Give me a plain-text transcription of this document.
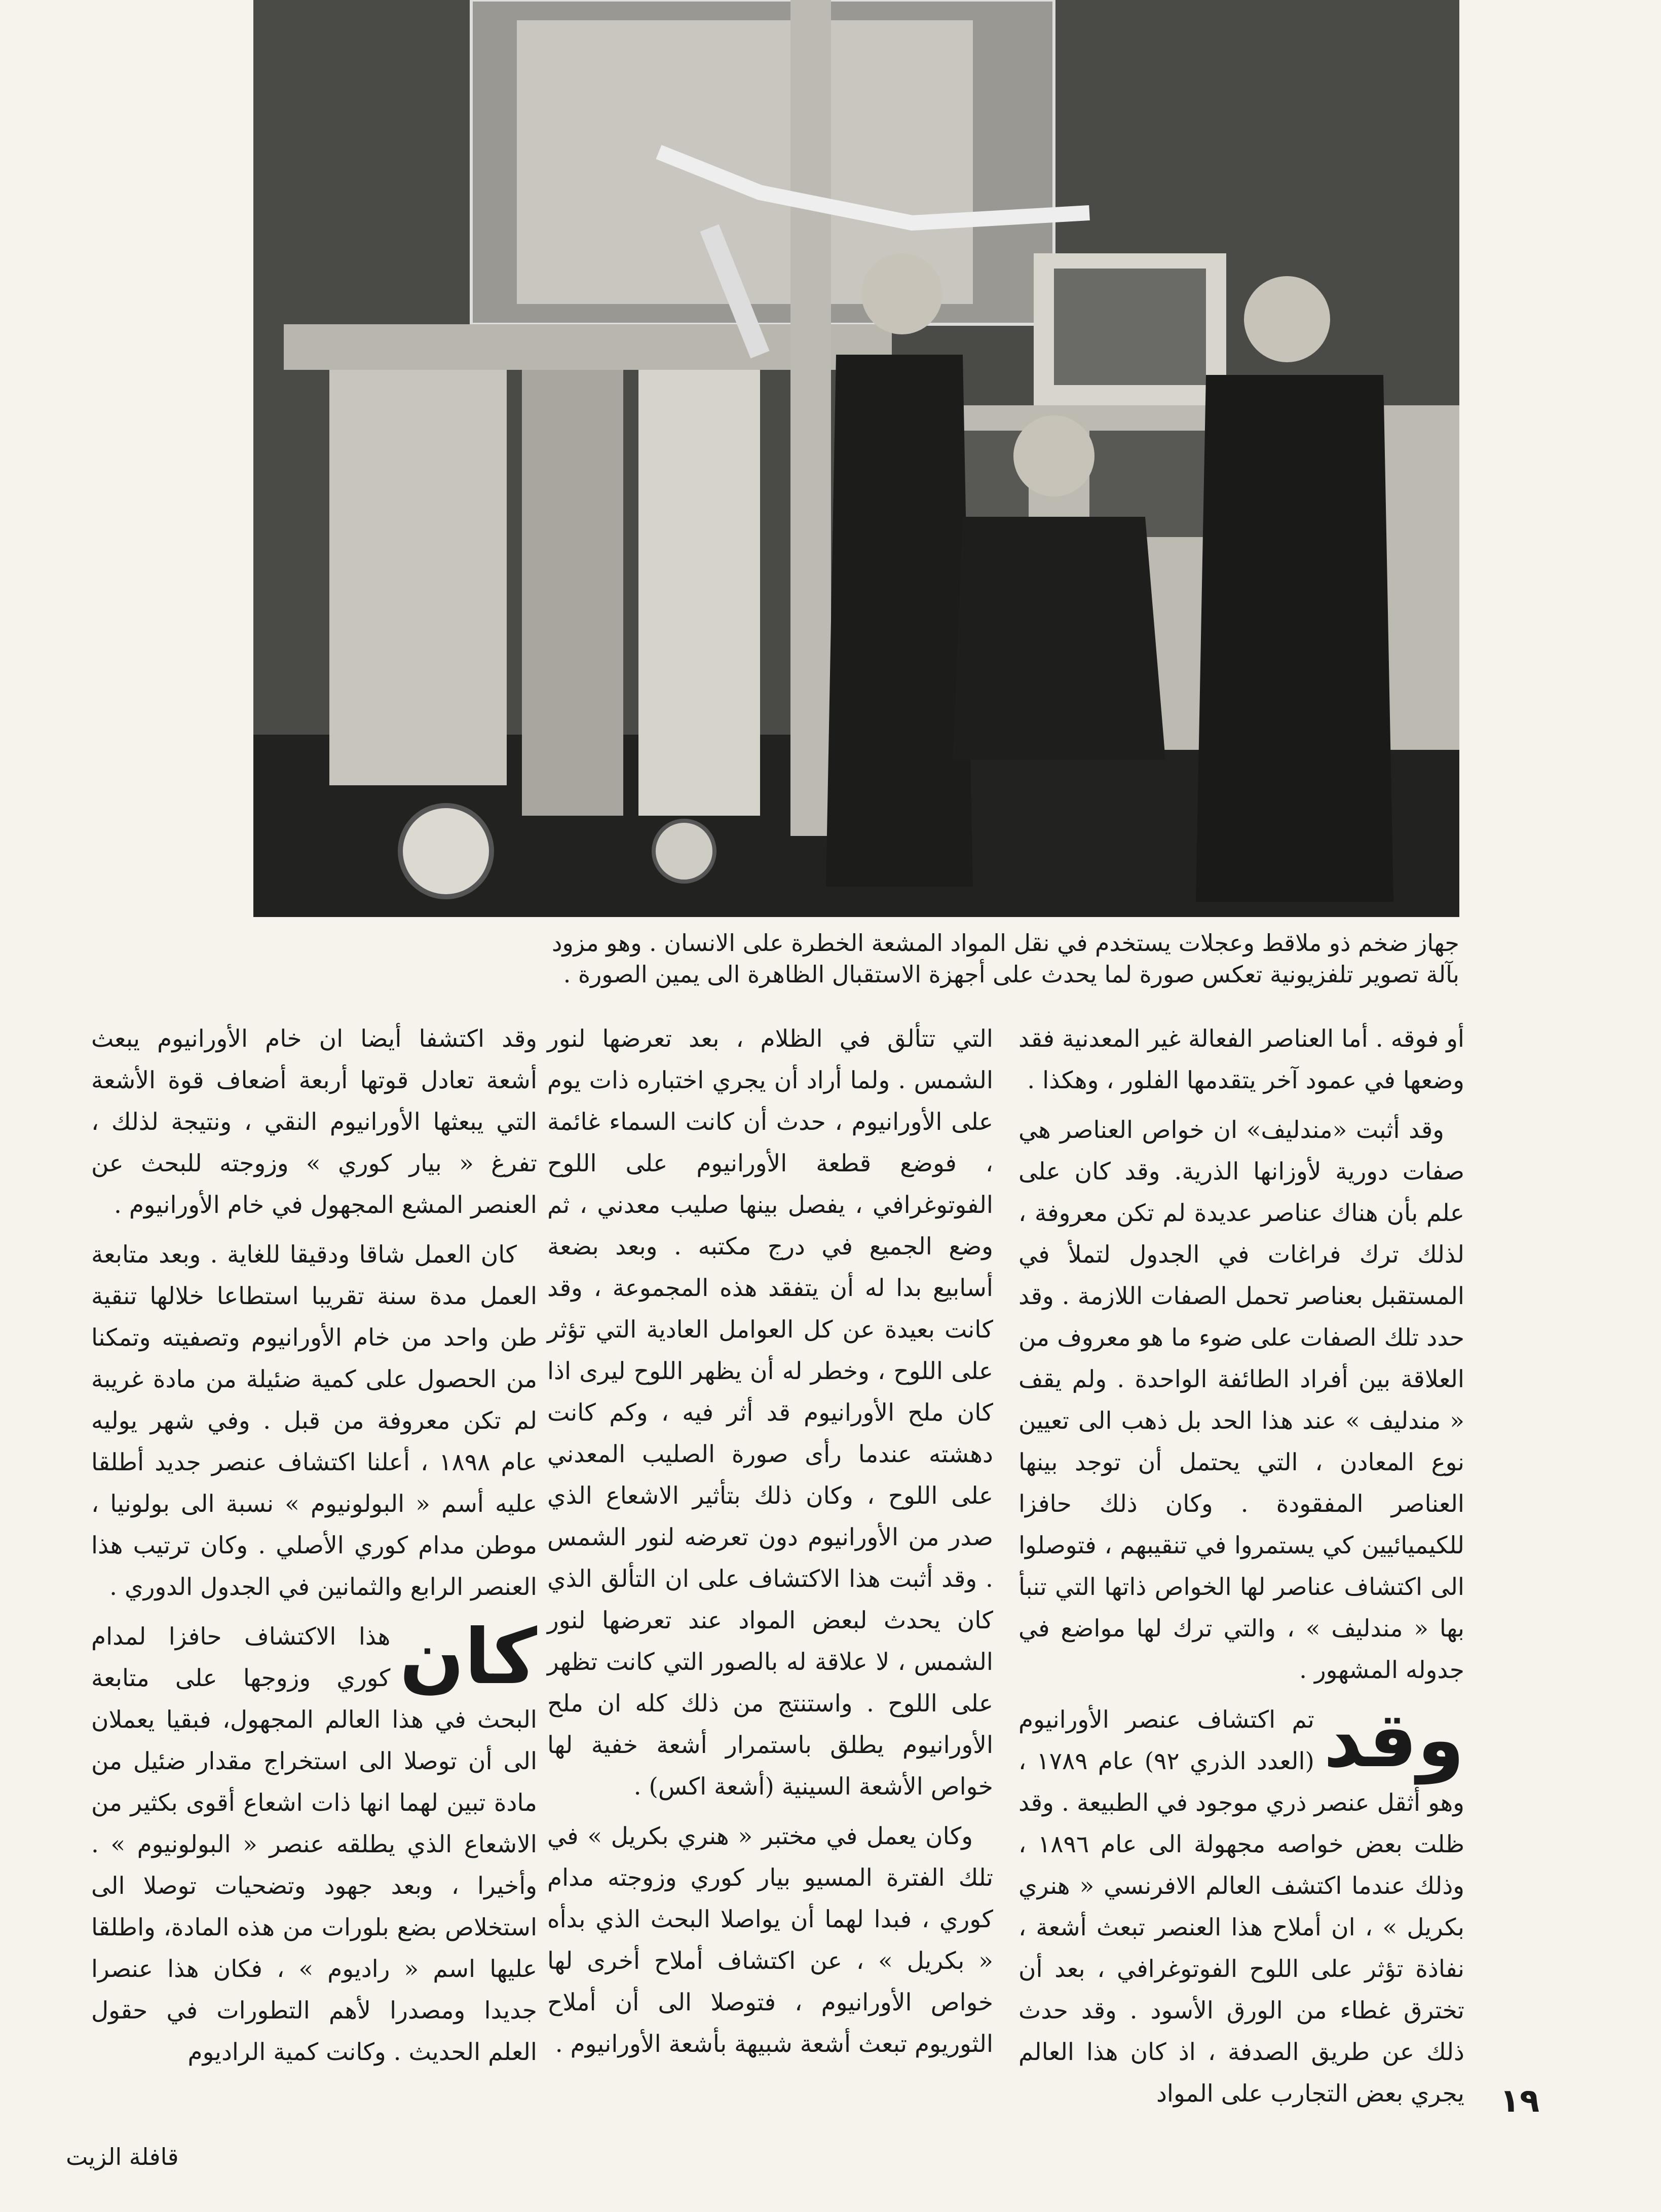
جهاز ضخم ذو ملاقط وعجلات يستخدم في نقل المواد المشعة الخطرة على الانسان . وهو مزود

بآلة تصوير تلفزيونية تعكس صورة لما يحدث على أجهزة الاستقبال الظاهرة الى يمين الصورة .

أو فوقه . أما العناصر الفعالة غير المعدنية فقد وضعها في عمود آخر يتقدمها الفلور ، وهكذا .

وقد أثبت «مندليف» ان خواص العناصر هي صفات دورية لأوزانها الذرية. وقد كان على علم بأن هناك عناصر عديدة لم تكن معروفة ، لذلك ترك فراغات في الجدول لتملأ في المستقبل بعناصر تحمل الصفات اللازمة . وقد حدد تلك الصفات على ضوء ما هو معروف من العلاقة بين أفراد الطائفة الواحدة . ولم يقف « مندليف » عند هذا الحد بل ذهب الى تعيين نوع المعادن ، التي يحتمل أن توجد بينها العناصر المفقودة . وكان ذلك حافزا للكيميائيين كي يستمروا في تنقيبهم ، فتوصلوا الى اكتشاف عناصر لها الخواص ذاتها التي تنبأ بها « مندليف » ، والتي ترك لها مواضع في جدوله المشهور .

وقد
تم اكتشاف عنصر الأورانيوم (العدد الذري ٩٢) عام ١٧٨٩ ، وهو أثقل عنصر ذري موجود في الطبيعة . وقد ظلت بعض خواصه مجهولة الى عام ١٨٩٦ ، وذلك عندما اكتشف العالم الافرنسي « هنري بكريل » ، ان أملاح هذا العنصر تبعث أشعة ، نفاذة تؤثر على اللوح الفوتوغرافي ، بعد أن تخترق غطاء من الورق الأسود . وقد حدث ذلك عن طريق الصدفة ، اذ كان هذا العالم يجري بعض التجارب على المواد

التي تتألق في الظلام ، بعد تعرضها لنور الشمس . ولما أراد أن يجري اختباره ذات يوم على الأورانيوم ، حدث أن كانت السماء غائمة ، فوضع قطعة الأورانيوم على اللوح الفوتوغرافي ، يفصل بينها صليب معدني ، ثم وضع الجميع في درج مكتبه . وبعد بضعة أسابيع بدا له أن يتفقد هذه المجموعة ، وقد كانت بعيدة عن كل العوامل العادية التي تؤثر على اللوح ، وخطر له أن يظهر اللوح ليرى اذا كان ملح الأورانيوم قد أثر فيه ، وكم كانت دهشته عندما رأى صورة الصليب المعدني على اللوح ، وكان ذلك بتأثير الاشعاع الذي صدر من الأورانيوم دون تعرضه لنور الشمس . وقد أثبت هذا الاكتشاف على ان التألق الذي كان يحدث لبعض المواد عند تعرضها لنور الشمس ، لا علاقة له بالصور التي كانت تظهر على اللوح . واستنتج من ذلك كله ان ملح الأورانيوم يطلق باستمرار أشعة خفية لها خواص الأشعة السينية (أشعة اكس) .

وكان يعمل في مختبر « هنري بكريل » في تلك الفترة المسيو بيار كوري وزوجته مدام كوري ، فبدا لهما أن يواصلا البحث الذي بدأه « بكريل » ، عن اكتشاف أملاح أخرى لها خواص الأورانيوم ، فتوصلا الى أن أملاح الثوريوم تبعث أشعة شبيهة بأشعة الأورانيوم .

وقد اكتشفا أيضا ان خام الأورانيوم يبعث أشعة تعادل قوتها أربعة أضعاف قوة الأشعة التي يبعثها الأورانيوم النقي ، ونتيجة لذلك ، تفرغ « بيار كوري » وزوجته للبحث عن العنصر المشع المجهول في خام الأورانيوم .

كان العمل شاقا ودقيقا للغاية . وبعد متابعة العمل مدة سنة تقريبا استطاعا خلالها تنقية طن واحد من خام الأورانيوم وتصفيته وتمكنا من الحصول على كمية ضئيلة من مادة غريبة لم تكن معروفة من قبل . وفي شهر يوليه عام ١٨٩٨ ، أعلنا اكتشاف عنصر جديد أطلقا عليه أسم « البولونيوم » نسبة الى بولونيا ، موطن مدام كوري الأصلي . وكان ترتيب هذا العنصر الرابع والثمانين في الجدول الدوري .

كان
هذا الاكتشاف حافزا لمدام كوري وزوجها على متابعة البحث في هذا العالم المجهول، فبقيا يعملان الى أن توصلا الى استخراج مقدار ضئيل من مادة تبين لهما انها ذات اشعاع أقوى بكثير من الاشعاع الذي يطلقه عنصر « البولونيوم » . وأخيرا ، وبعد جهود وتضحيات توصلا الى استخلاص بضع بلورات من هذه المادة، واطلقا عليها اسم « راديوم » ، فكان هذا عنصرا جديدا ومصدرا لأهم التطورات في حقول العلم الحديث . وكانت كمية الراديوم

١٩
قافلة الزيت
